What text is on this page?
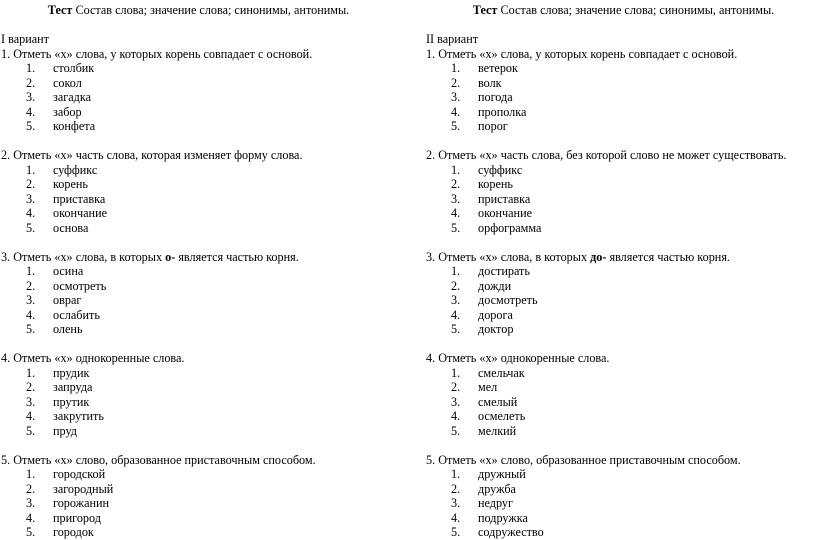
Тест Состав слова; значение слова; синонимы, антонимы.
I вариант
1. Отметь «х» слова, у которых корень совпадает с основой.
1. столбик
2. сокол
3. загадка
4. забор
5. конфета
2. Отметь «х» часть слова, которая изменяет форму слова.
1. суффикс
2. корень
3. приставка
4. окончание
5. основа
3. Отметь «х» слова, в которых о- является частью корня.
1. осина
2. осмотреть
3. овраг
4. ослабить
5. олень
4. Отметь «х» однокоренные слова.
1. прудик
2. запруда
3. прутик
4. закрутить
5. пруд
5. Отметь «х» слово, образованное приставочным способом.
1. городской
2. загородный
3. горожанин
4. пригород
5. городок
Тест Состав слова; значение слова; синонимы, антонимы.
II вариант
1. Отметь «х» слова, у которых корень совпадает с основой.
1. ветерок
2. волк
3. погода
4. прополка
5. порог
2. Отметь «х» часть слова, без которой слово не может существовать.
1. суффикс
2. корень
3. приставка
4. окончание
5. орфограмма
3. Отметь «х» слова, в которых до- является частью корня.
1. достирать
2. дожди
3. досмотреть
4. дорога
5. доктор
4. Отметь «х» однокоренные слова.
1. смельчак
2. мел
3. смелый
4. осмелеть
5. мелкий
5. Отметь «х» слово, образованное приставочным способом.
1. дружный
2. дружба
3. недруг
4. подружка
5. содружество
